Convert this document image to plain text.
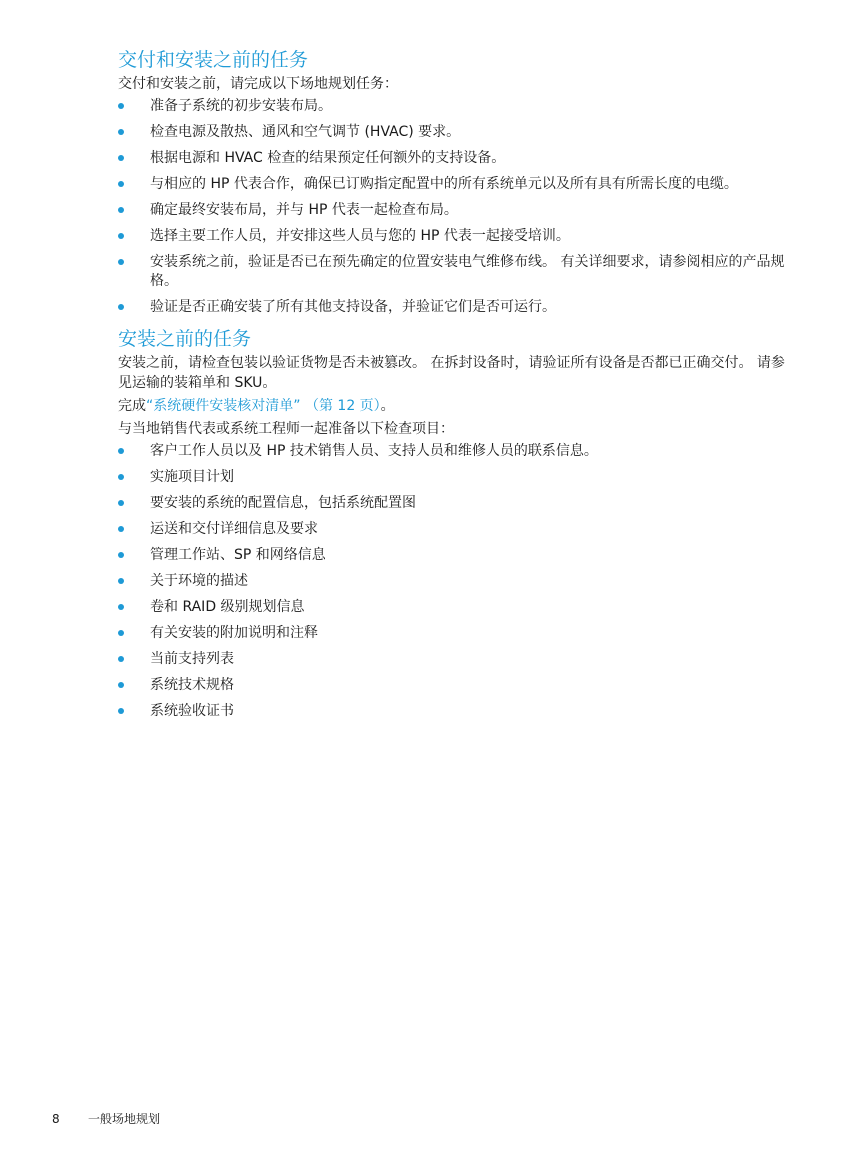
交付和安装之前的任务

交付和安装之前，请完成以下场地规划任务：

准备子系统的初步安装布局。
检查电源及散热、通风和空气调节 (HVAC) 要求。
根据电源和 HVAC 检查的结果预定任何额外的支持设备。
与相应的 HP 代表合作，确保已订购指定配置中的所有系统单元以及所有具有所需长度的电缆。
确定最终安装布局，并与 HP 代表一起检查布局。
选择主要工作人员，并安排这些人员与您的 HP 代表一起接受培训。
安装系统之前，验证是否已在预先确定的位置安装电气维修布线。 有关详细要求，请参阅相应的产品规格。
验证是否正确安装了所有其他支持设备，并验证它们是否可运行。
安装之前的任务

安装之前，请检查包装以验证货物是否未被篡改。 在拆封设备时，请验证所有设备是否都已正确交付。 请参见运输的装箱单和 SKU。

完成“系统硬件安装核对清单” （第 12 页）。

与当地销售代表或系统工程师一起准备以下检查项目：

客户工作人员以及 HP 技术销售人员、支持人员和维修人员的联系信息。
实施项目计划
要安装的系统的配置信息，包括系统配置图
运送和交付详细信息及要求
管理工作站、SP 和网络信息
关于环境的描述
卷和 RAID 级别规划信息
有关安装的附加说明和注释
当前支持列表
系统技术规格
系统验收证书
8 一般场地规划
